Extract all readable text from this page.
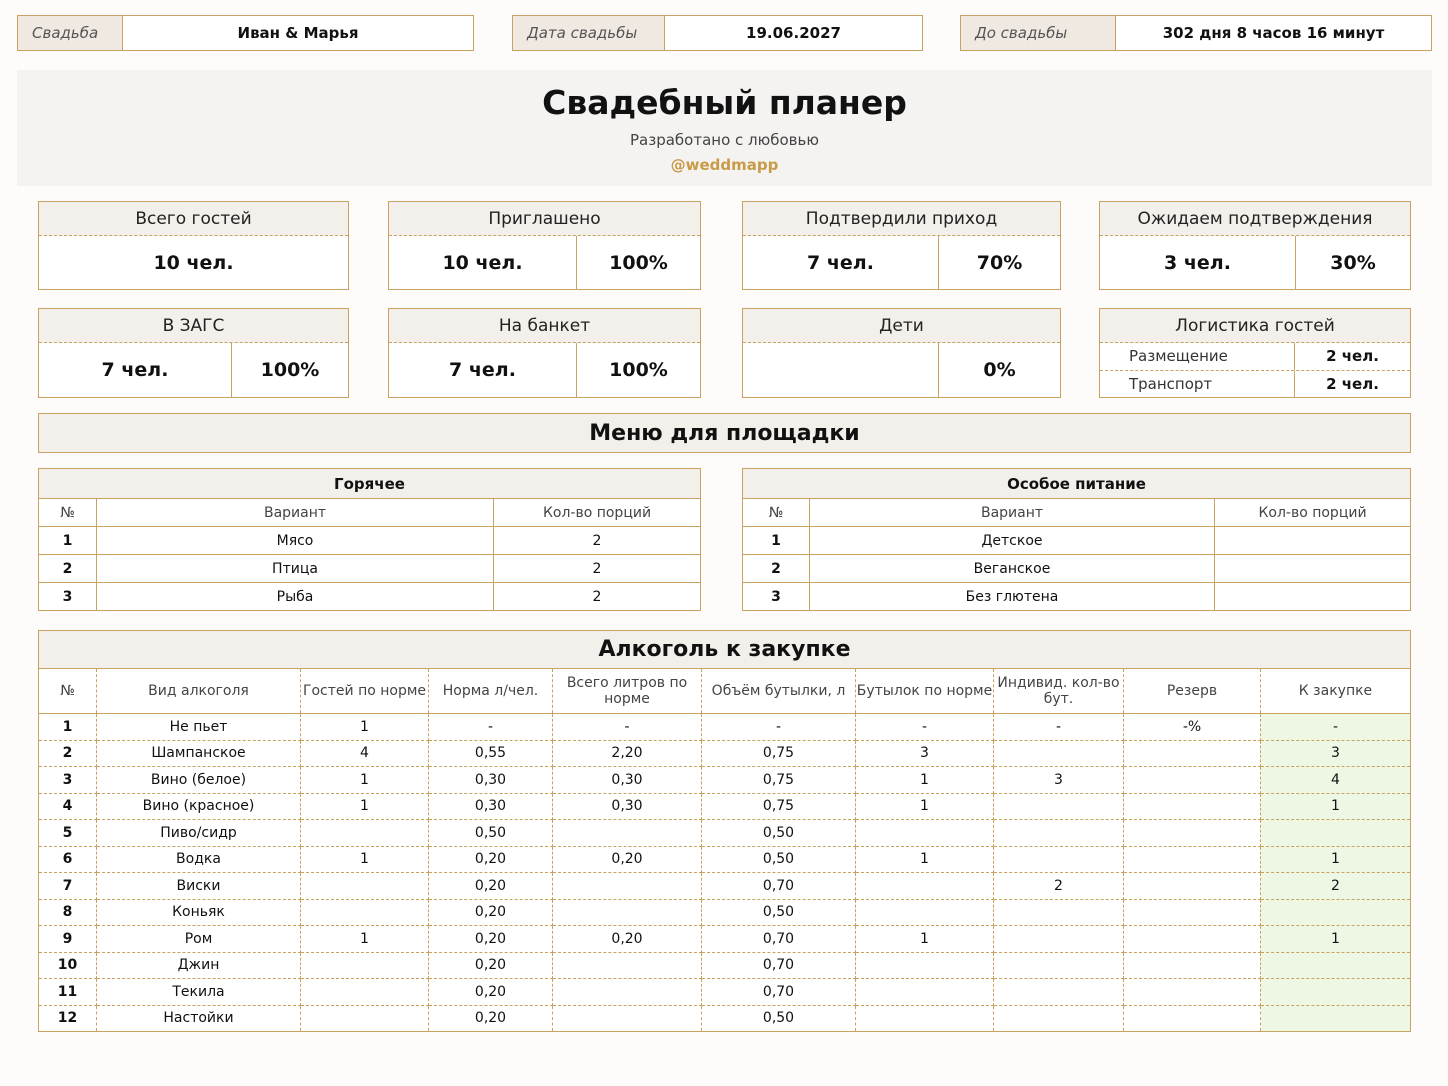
Свадьба	Иван & Марья	Дата свадьбы	19.06.2027	До свадьбы	302 дня 8 часов 16 минут
Свадебный планер
Разработано с любовью
@weddmapp
Всего гостей
10 чел.
Приглашено
10 чел.	100%
Подтвердили приход
7 чел.	70%
Ожидаем подтверждения
3 чел.	30%
В ЗАГС
7 чел.	100%
На банкет
7 чел.	100%
Дети
0%
Логистика гостей
Размещение	2 чел.
Транспорт	2 чел.
Меню для площадки
Горячее		
№	Вариант	Кол-во порций
1	Мясо	2
2	Птица	2
3	Рыба	2
Особое питание		
№	Вариант	Кол-во порций
1	Детское	
2	Веганское	
3	Без глютена	
Алкоголь к закупке									
№	Вид алкоголя	Гостей по норме	Норма л/чел.	Всего литров по норме	Объём бутылки, л	Бутылок по норме	Индивид. кол-во бут.	Резерв	К закупке
1	Не пьет	1	-	-	-	-	-	-%	-
2	Шампанское	4	0,55	2,20	0,75	3			3
3	Вино (белое)	1	0,30	0,30	0,75	1	3		4
4	Вино (красное)	1	0,30	0,30	0,75	1			1
5	Пиво/сидр		0,50		0,50				
6	Водка	1	0,20	0,20	0,50	1			1
7	Виски		0,20		0,70		2		2
8	Коньяк		0,20		0,50				
9	Ром	1	0,20	0,20	0,70	1			1
10	Джин		0,20		0,70				
11	Текила		0,20		0,70				
12	Настойки		0,20		0,50				
